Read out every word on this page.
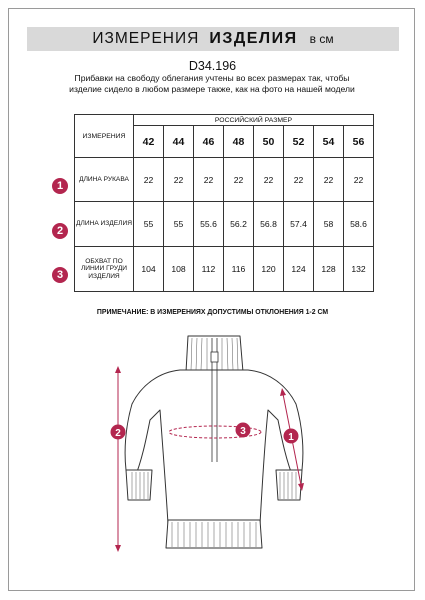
ИЗМЕРЕНИЯ ИЗДЕЛИЯ в см
D34.196
Прибавки на свободу облегания учтены во всех размерах так, чтобы изделие сидело в любом размере также, как на фото на нашей модели
ИЗМЕРЕНИЯ	РОССИЙСКИЙ РАЗМЕР							
	42	44	46	48	50	52	54	56
ДЛИНА РУКАВА	22	22	22	22	22	22	22	22
ДЛИНА ИЗДЕЛИЯ	55	55	55.6	56.2	56.8	57.4	58	58.6
ОБХВАТ ПО ЛИНИИ ГРУДИ ИЗДЕЛИЯ	104	108	112	116	120	124	128	132
1
2
3
ПРИМЕЧАНИЕ: В ИЗМЕРЕНИЯХ ДОПУСТИМЫ ОТКЛОНЕНИЯ 1-2 СМ
2	3
1
